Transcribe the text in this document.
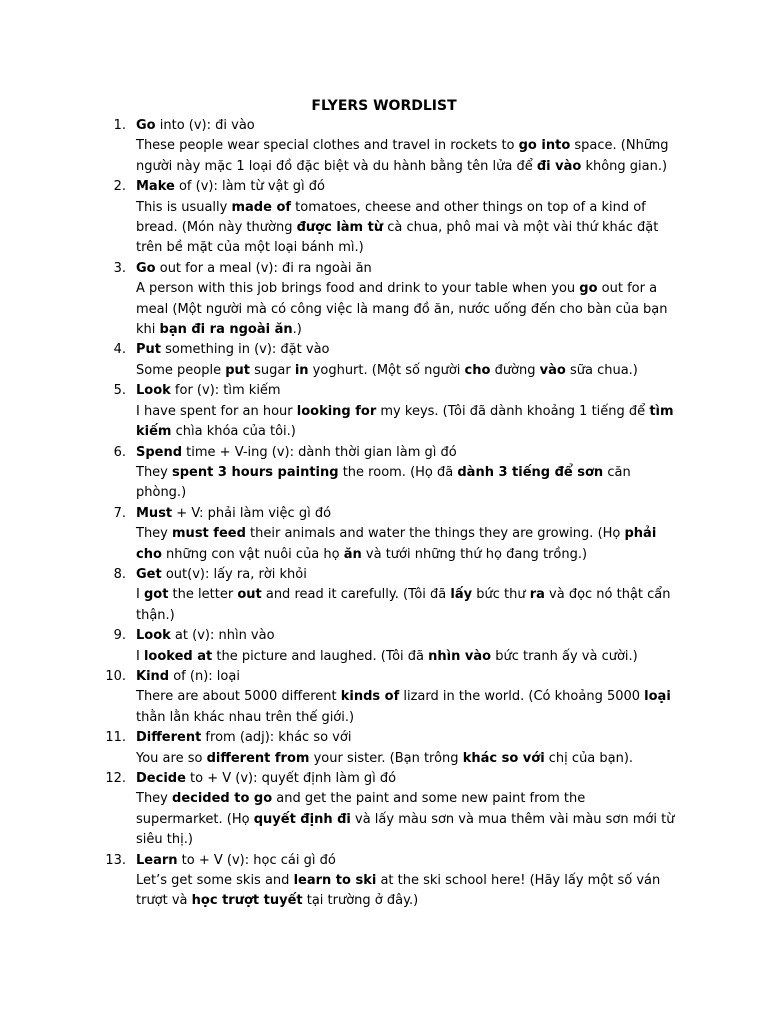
FLYERS WORDLIST
1. Go into (v): đi vào
These people wear special clothes and travel in rockets to go into space. (Những người này mặc 1 loại đồ đặc biệt và du hành bằng tên lửa để đi vào không gian.)
2. Make of (v): làm từ vật gì đó
This is usually made of tomatoes, cheese and other things on top of a kind of bread. (Món này thường được làm từ cà chua, phô mai và một vài thứ khác đặt trên bề mặt của một loại bánh mì.)
3. Go out for a meal (v): đi ra ngoài ăn
A person with this job brings food and drink to your table when you go out for a meal (Một người mà có công việc là mang đồ ăn, nước uống đến cho bàn của bạn khi bạn đi ra ngoài ăn.)
4. Put something in (v): đặt vào
Some people put sugar in yoghurt. (Một số người cho đường vào sữa chua.)
5. Look for (v): tìm kiếm
I have spent for an hour looking for my keys. (Tôi đã dành khoảng 1 tiếng để tìm kiếm chìa khóa của tôi.)
6. Spend time + V-ing (v): dành thời gian làm gì đó
They spent 3 hours painting the room. (Họ đã dành 3 tiếng để sơn căn phòng.)
7. Must + V: phải làm việc gì đó
They must feed their animals and water the things they are growing. (Họ phải cho những con vật nuôi của họ ăn và tưới những thứ họ đang trồng.)
8. Get out(v): lấy ra, rời khỏi
I got the letter out and read it carefully. (Tôi đã lấy bức thư ra và đọc nó thật cẩn thận.)
9. Look at (v): nhìn vào
I looked at the picture and laughed. (Tôi đã nhìn vào bức tranh ấy và cười.)
10. Kind of (n): loại
There are about 5000 different kinds of lizard in the world. (Có khoảng 5000 loại thằn lằn khác nhau trên thế giới.)
11. Different from (adj): khác so với
You are so different from your sister. (Bạn trông khác so với chị của bạn).
12. Decide to + V (v): quyết định làm gì đó
They decided to go and get the paint and some new paint from the supermarket. (Họ quyết định đi và lấy màu sơn và mua thêm vài màu sơn mới từ siêu thị.)
13. Learn to + V (v): học cái gì đó
Let’s get some skis and learn to ski at the ski school here! (Hãy lấy một số ván trượt và học trượt tuyết tại trường ở đây.)
